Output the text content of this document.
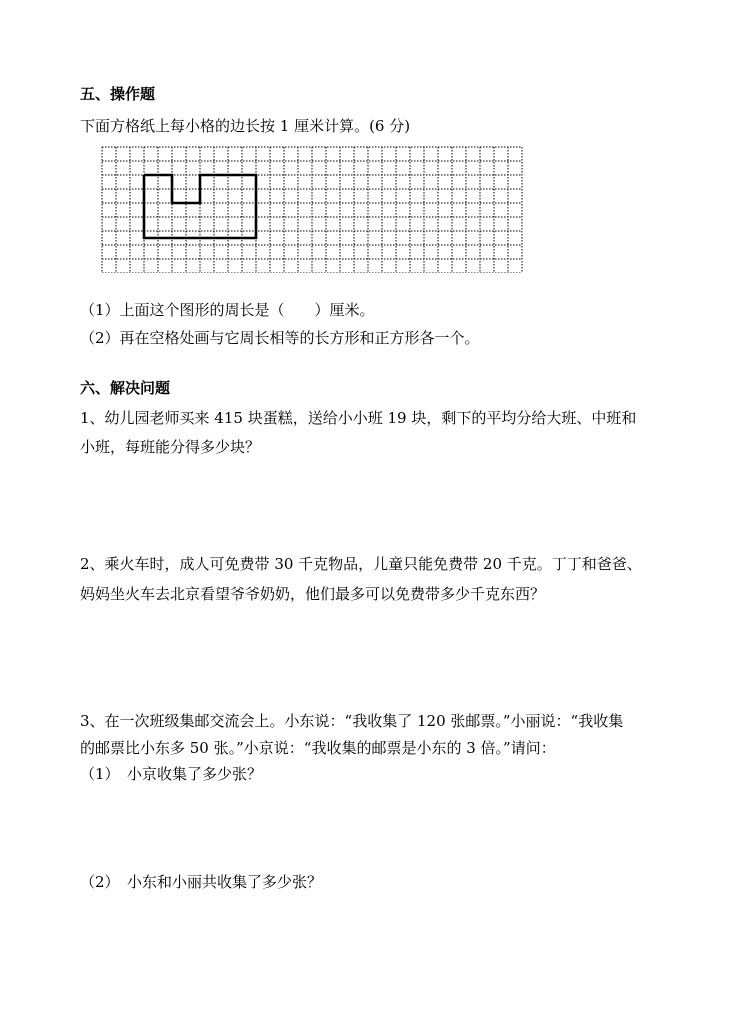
五、操作题
下面方格纸上每小格的边长按 1 厘米计算。(6 分)
（1）上面这个图形的周长是（　　）厘米。
（2）再在空格处画与它周长相等的长方形和正方形各一个。
六、解决问题
1、幼儿园老师买来 415 块蛋糕，送给小小班 19 块，剩下的平均分给大班、中班和
小班，每班能分得多少块？
2、乘火车时，成人可免费带 30 千克物品，儿童只能免费带 20 千克。丁丁和爸爸、
妈妈坐火车去北京看望爷爷奶奶，他们最多可以免费带多少千克东西？
3、在一次班级集邮交流会上。小东说：“我收集了 120 张邮票。”小丽说：“我收集
的邮票比小东多 50 张。”小京说：“我收集的邮票是小东的 3 倍。”请问：
（1）　小京收集了多少张？
（2）　小东和小丽共收集了多少张？
